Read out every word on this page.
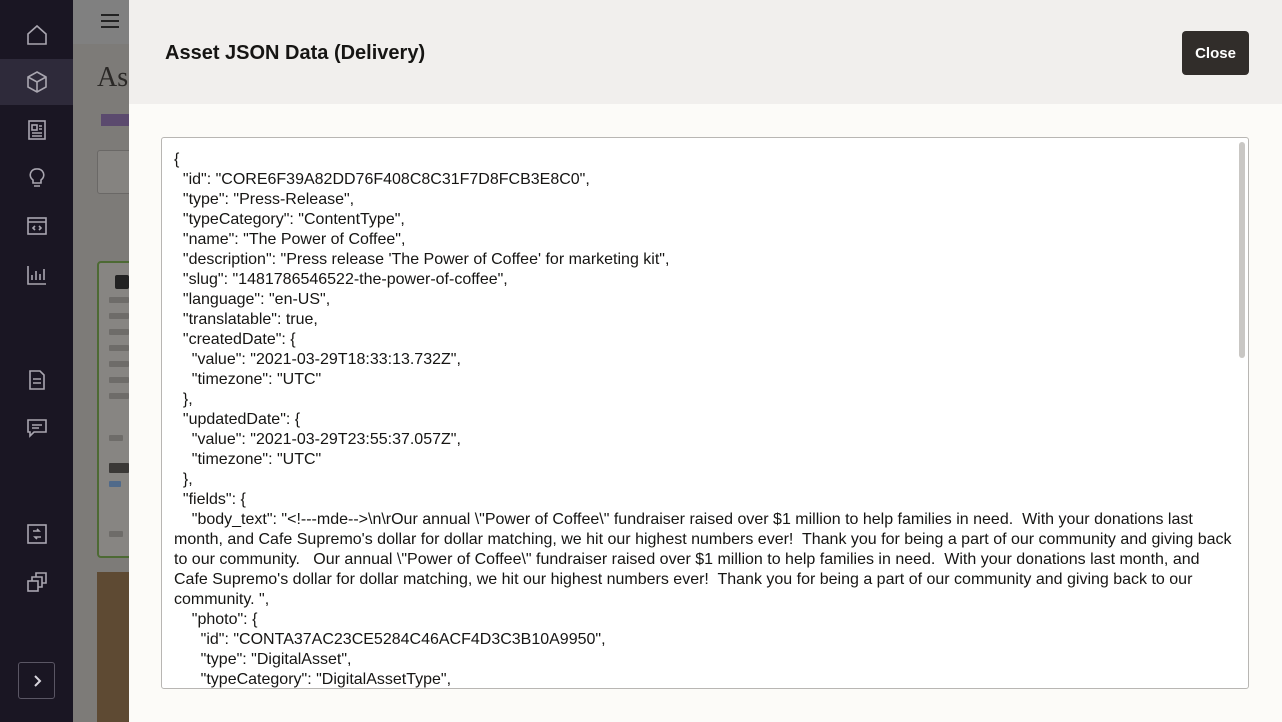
As
Asset JSON Data (Delivery)	Close
{
"id": "CORE6F39A82DD76F408C8C31F7D8FCB3E8C0",
"type": "Press-Release",
"typeCategory": "ContentType",
"name": "The Power of Coffee",
"description": "Press release 'The Power of Coffee' for marketing kit",
"slug": "1481786546522-the-power-of-coffee",
"language": "en-US",
"translatable": true,
"createdDate": {
"value": "2021-03-29T18:33:13.732Z",
"timezone": "UTC"
},
"updatedDate": {
"value": "2021-03-29T23:55:37.057Z",
"timezone": "UTC"
},
"fields": {
"body_text": "<!---mde-->\n\rOur annual \"Power of Coffee\" fundraiser raised over $1 million to help families in need.  With your donations last month, and Cafe Supremo's dollar for dollar matching, we hit our highest numbers ever!  Thank you for being a part of our community and giving back to our community.   Our annual \"Power of Coffee\" fundraiser raised over $1 million to help families in need.  With your donations last month, and Cafe Supremo's dollar for dollar matching, we hit our highest numbers ever!  Thank you for being a part of our community and giving back to our community. ",
"photo": {
"id": "CONTA37AC23CE5284C46ACF4D3C3B10A9950",
"type": "DigitalAsset",
"typeCategory": "DigitalAssetType",
